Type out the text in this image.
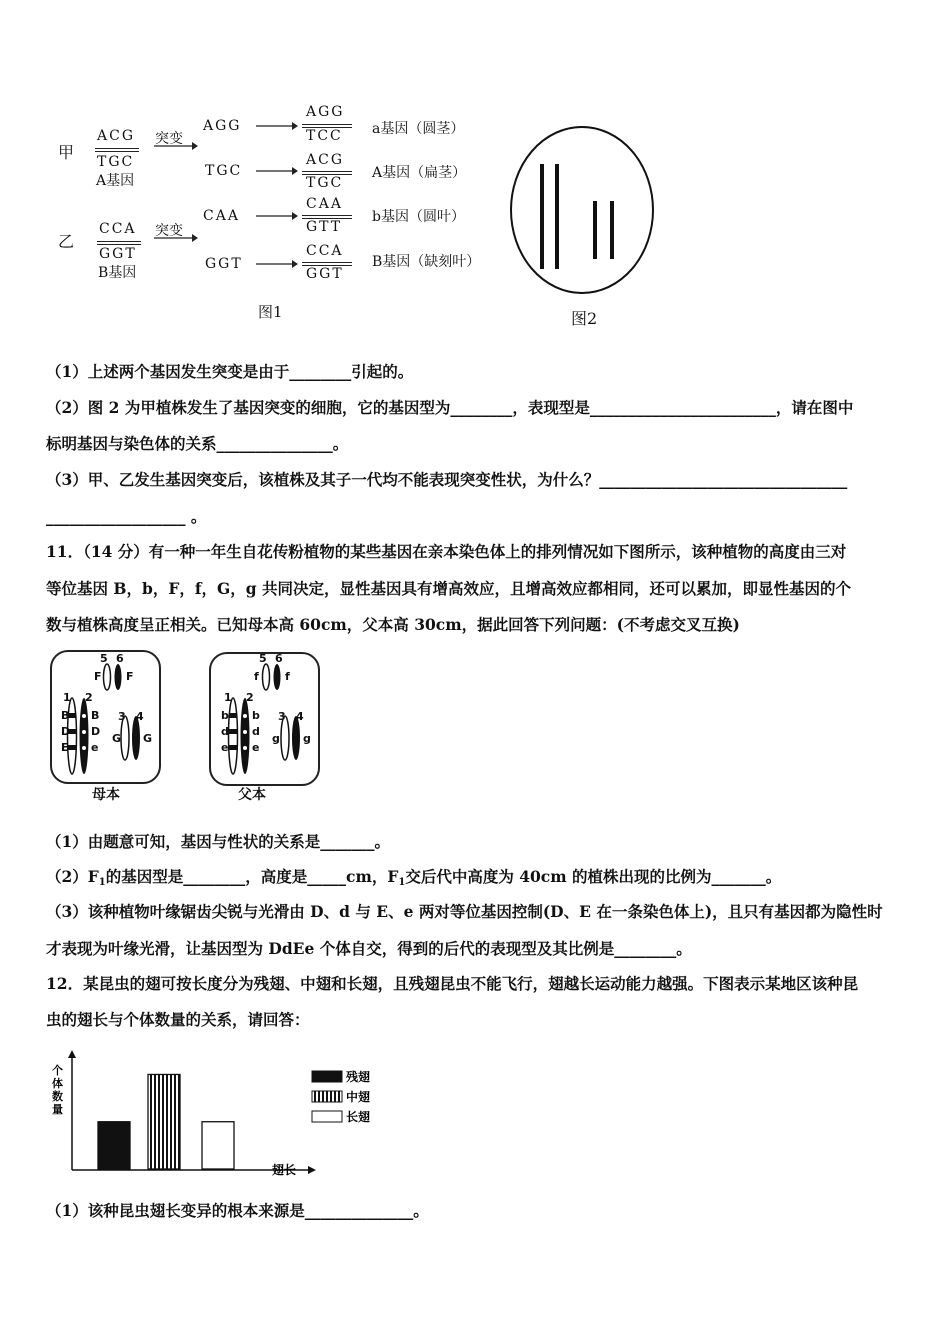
甲
乙
ACG
TGC
A基因
突变
CCA
GGT
B基因
突变
AGG
AGG
TCC a基因（圆茎）
TGC
ACG
TGC
A基因（扁茎）
CAA
CAA
GTT
b基因（圆叶）
GGT
CCA
GGT
B基因（缺刻叶）
图1	图2
（1）上述两个基因发生突变是由于________引起的。
（2）图 2 为甲植株发生了基因突变的细胞，它的基因型为________，表现型是________________________，请在图中
标明基因与染色体的关系_______________。
（3）甲、乙发生基因突变后，该植株及其子一代均不能表现突变性状，为什么？________________________________
__________________ 。
11．（14 分）有一种一年生自花传粉植物的某些基因在亲本染色体上的排列情况如下图所示，该种植物的高度由三对
等位基因 B，b，F，f，G，g 共同决定，显性基因具有增高效应，且增高效应都相同，还可以累加，即显性基因的个
数与植株高度呈正相关。已知母本高 60cm，父本高 30cm，据此回答下列问题：(不考虑交叉互换)
5 6
F F
1 2
B
D
E
B
D
e
3 4
G G
母本
5 6
f f
1 2
b
d
e
b
d
e
3 4
g g
父本
（1）由题意可知，基因与性状的关系是_______。
$(2)F_1$的基因型是________，高度是_____cm，$F_1$交后代中高度为 40cm 的植株出现的比例为_______。
（3）该种植物叶缘锯齿尖锐与光滑由 D、d 与 E、e 两对等位基因控制(D、E 在一条染色体上)，且只有基因都为隐性时
才表现为叶缘光滑，让基因型为 DdEe 个体自交，得到的后代的表现型及其比例是________。
12．某昆虫的翅可按长度分为残翅、中翅和长翅，且残翅昆虫不能飞行，翅越长运动能力越强。下图表示某地区该种昆
虫的翅长与个体数量的关系，请回答：
个体数量
翅长
残翅
中翅
长翅
（1）该种昆虫翅长变异的根本来源是______________。
